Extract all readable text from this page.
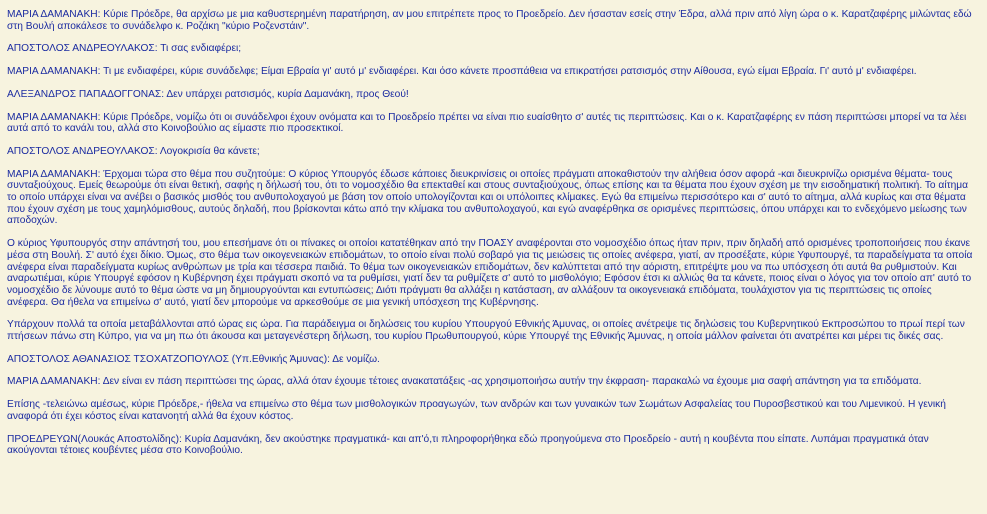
ΜΑΡΙΑ ΔΑΜΑΝΑΚΗ: Κύριε Πρόεδρε, θα αρχίσω με μια καθυστερημένη παρατήρηση, αν μου επιτρέπετε προς το Προεδρείο. Δεν ήσασταν εσείς στην Έδρα, αλλά πριν από λίγη ώρα ο κ. Καρατζαφέρης μιλώντας εδώ στη Βουλή αποκάλεσε το συνάδελφο κ. Ροζάκη "κύριο Ροζενστάιν".

ΑΠΟΣΤΟΛΟΣ ΑΝΔΡΕΟΥΛΑΚΟΣ: Τι σας ενδιαφέρει;

ΜΑΡΙΑ ΔΑΜΑΝΑΚΗ: Τι με ενδιαφέρει, κύριε συνάδελφε; Είμαι Εβραία γι' αυτό μ' ενδιαφέρει. Και όσο κάνετε προσπάθεια να επικρατήσει ρατσισμός στην Αίθουσα, εγώ είμαι Εβραία. Γι' αυτό μ' ενδιαφέρει.

ΑΛΕΞΑΝΔΡΟΣ ΠΑΠΑΔΟΓΓΟΝΑΣ: Δεν υπάρχει ρατσισμός, κυρία Δαμανάκη, προς Θεού!

ΜΑΡΙΑ ΔΑΜΑΝΑΚΗ: Κύριε Πρόεδρε, νομίζω ότι οι συνάδελφοι έχουν ονόματα και το Προεδρείο πρέπει να είναι πιο ευαίσθητο σ' αυτές τις περιπτώσεις. Και ο κ. Καρατζαφέρης εν πάση περιπτώσει μπορεί να τα λέει αυτά από το κανάλι του, αλλά στο Κοινοβούλιο ας είμαστε πιο προσεκτικοί.

ΑΠΟΣΤΟΛΟΣ ΑΝΔΡΕΟΥΛΑΚΟΣ: Λογοκρισία θα κάνετε;

ΜΑΡΙΑ ΔΑΜΑΝΑΚΗ: Έρχομαι τώρα στο θέμα που συζητούμε: Ο κύριος Υπουργός έδωσε κάποιες διευκρινίσεις οι οποίες πράγματι αποκαθιστούν την αλήθεια όσον αφορά -και διευκρινίζω ορισμένα θέματα- τους συνταξιούχους. Εμείς θεωρούμε ότι είναι θετική, σαφής η δήλωσή του, ότι το νομοσχέδιο θα επεκταθεί και στους συνταξιούχους, όπως επίσης και τα θέματα που έχουν σχέση με την εισοδηματική πολιτική. Το αίτημα το οποίο υπάρχει είναι να ανέβει ο βασικός μισθός του ανθυπολοχαγού με βάση τον οποίο υπολογίζονται και οι υπόλοιπες κλίμακες. Εγώ θα επιμείνω περισσότερο και σ' αυτό το αίτημα, αλλά κυρίως και στα θέματα που έχουν σχέση με τους χαμηλόμισθους, αυτούς δηλαδή, που βρίσκονται κάτω από την κλίμακα του ανθυπολοχαγού, και εγώ αναφέρθηκα σε ορισμένες περιπτώσεις, όπου υπάρχει και το ενδεχόμενο μείωσης των αποδοχών.

Ο κύριος Υφυπουργός στην απάντησή του, μου επεσήμανε ότι οι πίνακες οι οποίοι κατατέθηκαν από την ΠΟΑΣΥ αναφέρονται στο νομοσχέδιο όπως ήταν πριν, πριν δηλαδή από ορισμένες τροποποιήσεις που έκανε μέσα στη Βουλή. Σ' αυτό έχει δίκιο. Όμως, στο θέμα των οικογενειακών επιδομάτων, το οποίο είναι πολύ σοβαρό για τις μειώσεις τις οποίες ανέφερα, γιατί, αν προσέξατε, κύριε Υφυπουργέ, τα παραδείγματα τα οποία ανέφερα είναι παραδείγματα κυρίως ανθρώπων με τρία και τέσσερα παιδιά. Το θέμα των οικογενειακών επιδομάτων, δεν καλύπτεται από την αόριστη, επιτρέψτε μου να πω υπόσχεση ότι αυτά θα ρυθμιστούν. Και αναρωτιέμαι, κύριε Υπουργέ εφόσον η Κυβέρνηση έχει πράγματι σκοπό να τα ρυθμίσει, γιατί δεν τα ρυθμίζετε σ' αυτό το μισθολόγιο; Εφόσον έτσι κι αλλιώς θα τα κάνετε, ποιος είναι ο λόγος για τον οποίο απ' αυτό το νομοσχέδιο δε λύνουμε αυτό το θέμα ώστε να μη δημιουργούνται και εντυπώσεις; Διότι πράγματι θα αλλάξει η κατάσταση, αν αλλάξουν τα οικογενειακά επιδόματα, τουλάχιστον για τις περιπτώσεις τις οποίες ανέφερα. Θα ήθελα να επιμείνω σ' αυτό, γιατί δεν μπορούμε να αρκεσθούμε σε μια γενική υπόσχεση της Κυβέρνησης.

Υπάρχουν πολλά τα οποία μεταβάλλονται από ώρας εις ώρα. Για παράδειγμα οι δηλώσεις του κυρίου Υπουργού Εθνικής Άμυνας, οι οποίες ανέτρεψε τις δηλώσεις του Κυβερνητικού Εκπροσώπου το πρωί περί των πτήσεων πάνω στη Κύπρο, για να μη πω ότι άκουσα και μεταγενέστερη δήλωση, του κυρίου Πρωθυπουργού, κύριε Υπουργέ της Εθνικής Άμυνας, η οποία μάλλον φαίνεται ότι ανατρέπει και μέρει τις δικές σας.

ΑΠΟΣΤΟΛΟΣ ΑΘΑΝΑΣΙΟΣ ΤΣΟΧΑΤΖΟΠΟΥΛΟΣ (Υπ.Εθνικής Άμυνας): Δε νομίζω.

ΜΑΡΙΑ ΔΑΜΑΝΑΚΗ: Δεν είναι εν πάση περιπτώσει της ώρας, αλλά όταν έχουμε τέτοιες ανακατατάξεις -ας χρησιμοποιήσω αυτήν την έκφραση- παρακαλώ να έχουμε μια σαφή απάντηση για τα επιδόματα.

Επίσης -τελειώνω αμέσως, κύριε Πρόεδρε,- ήθελα να επιμείνω στο θέμα των μισθολογικών προαγωγών, των ανδρών και των γυναικών των Σωμάτων Ασφαλείας του Πυροσβεστικού και του Λιμενικού. Η γενική αναφορά ότι έχει κόστος είναι κατανοητή αλλά θα έχουν κόστος.

ΠΡΟΕΔΡΕΥΩΝ(Λουκάς Αποστολίδης): Κυρία Δαμανάκη, δεν ακούστηκε πραγματικά- και απ'ό,τι πληροφορήθηκα εδώ προηγούμενα στο Προεδρείο - αυτή η κουβέντα που είπατε. Λυπάμαι πραγματικά όταν ακούγονται τέτοιες κουβέντες μέσα στο Κοινοβούλιο.
